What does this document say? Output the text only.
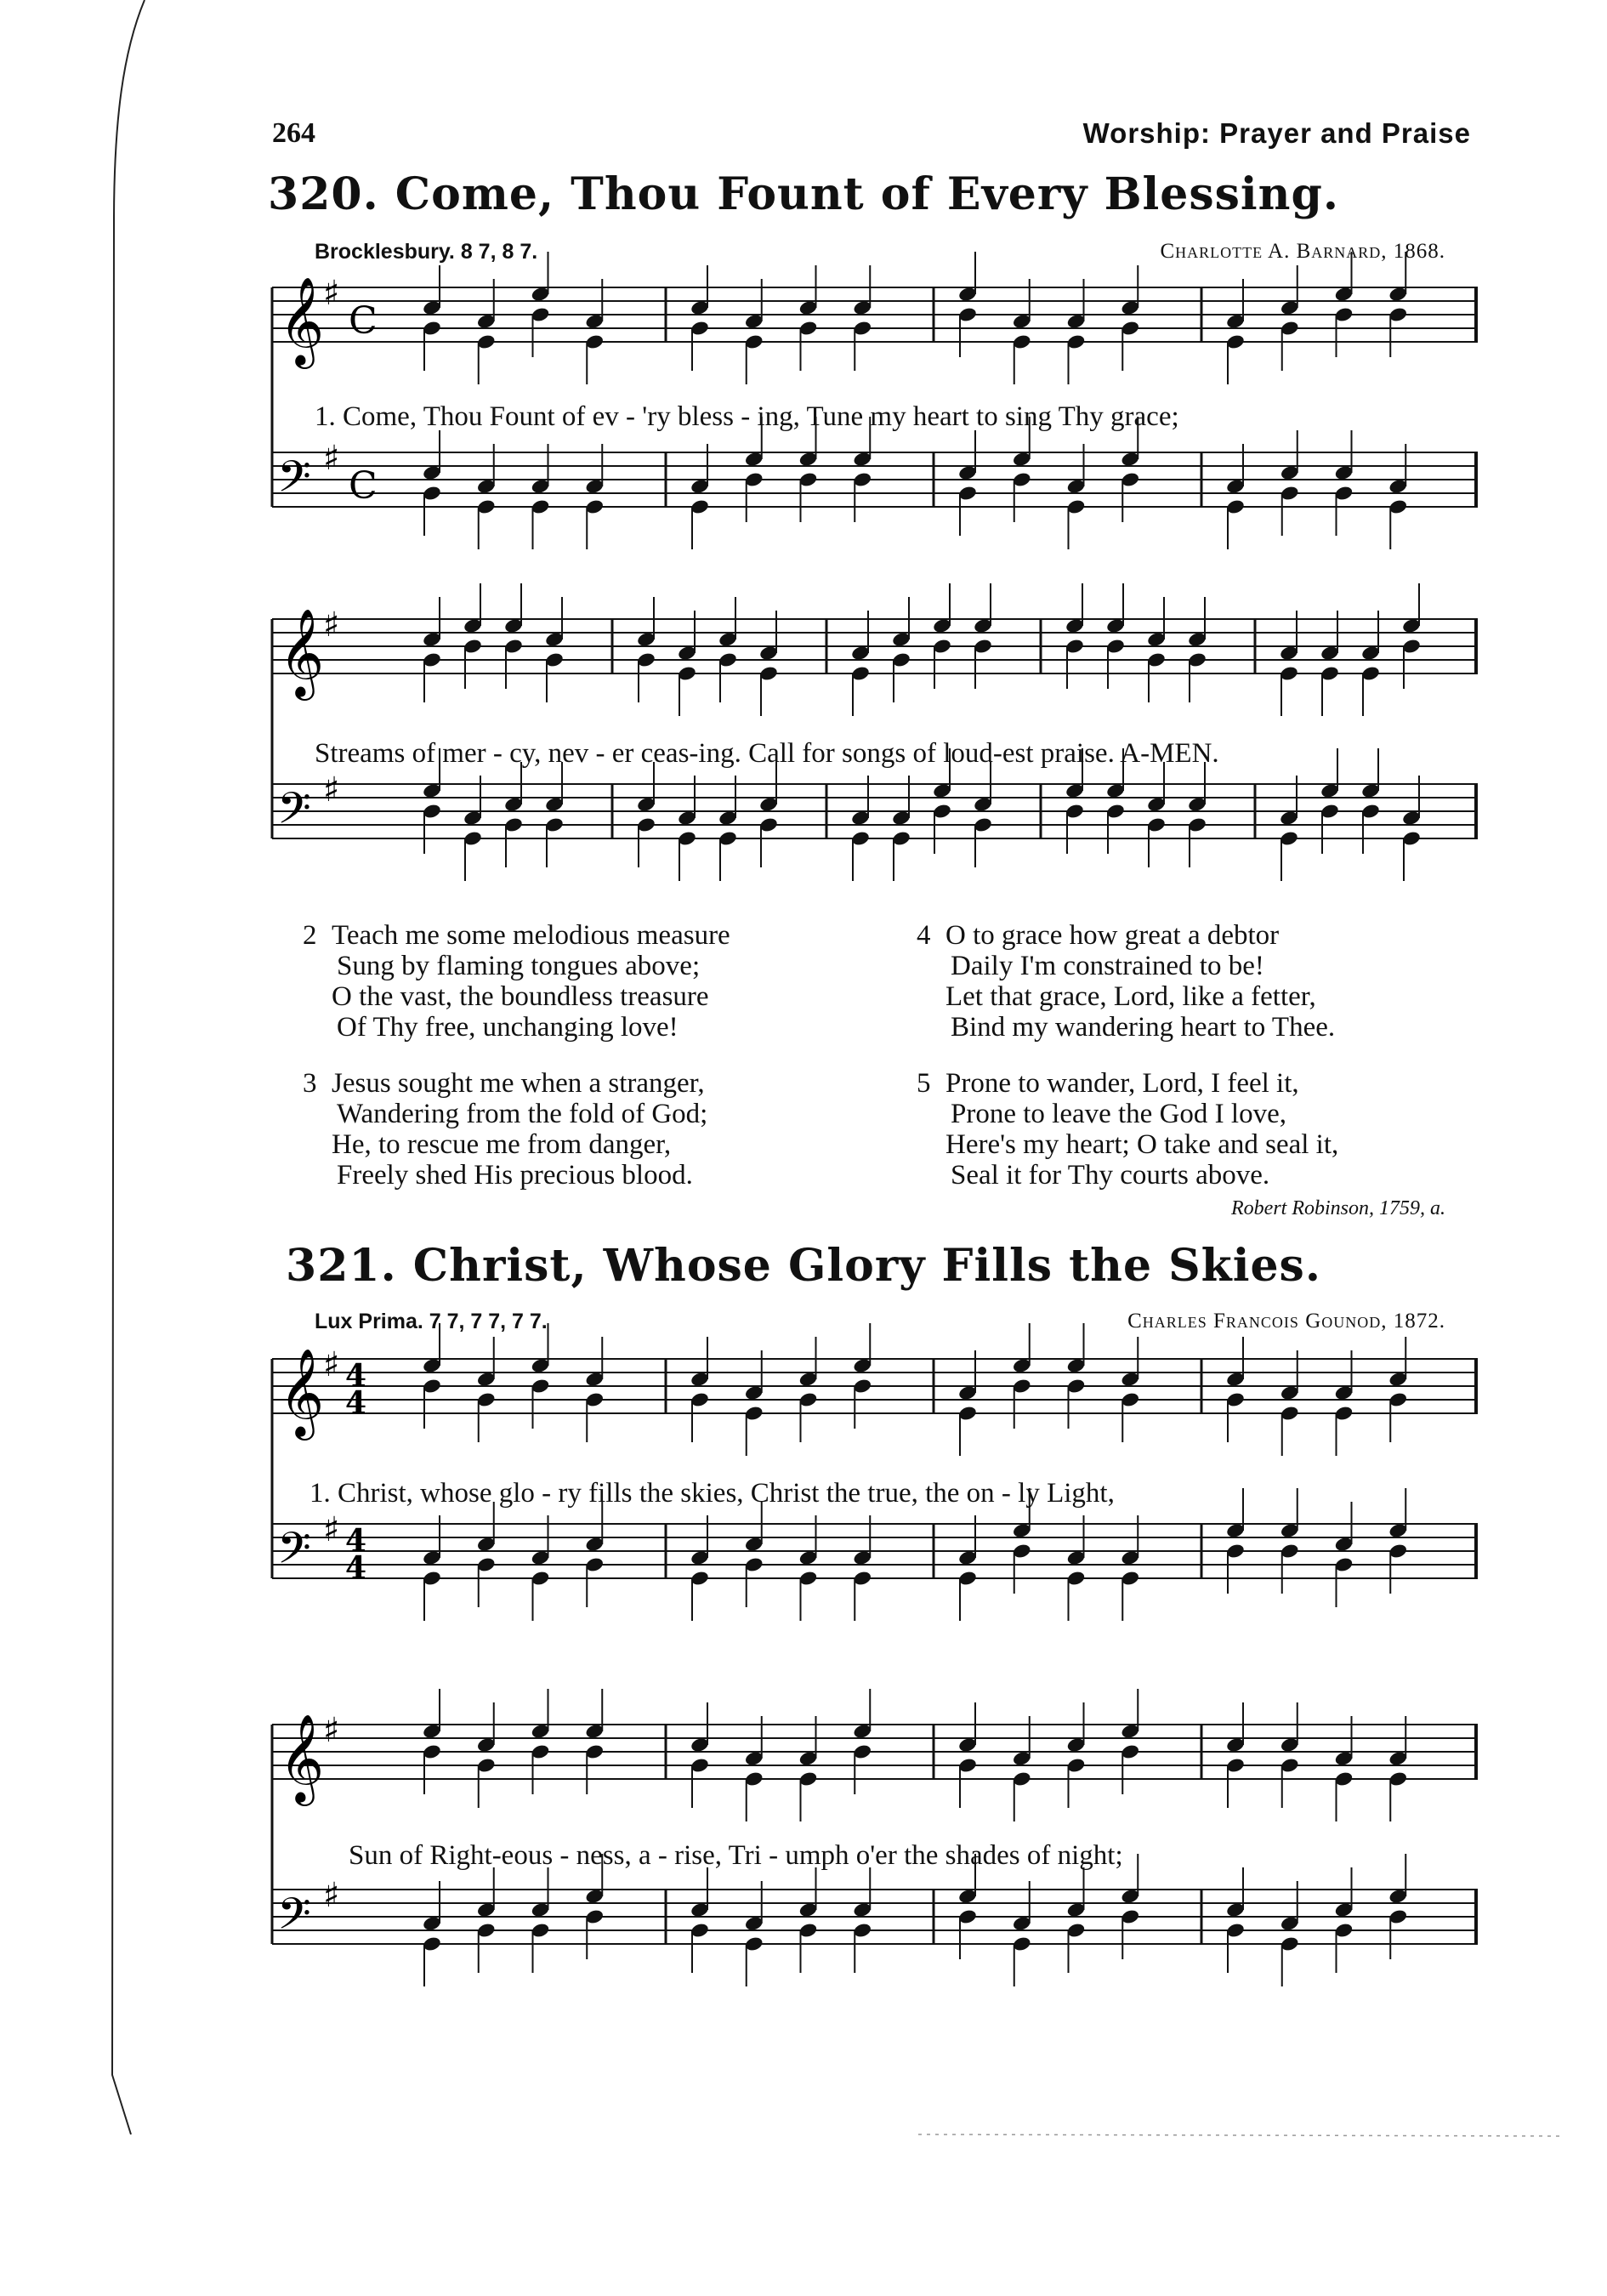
264	Worship: Prayer and Praise
320. Come, Thou Fount of Every Blessing.
Brocklesbury. 8 7, 8 7.	Charlotte A. Barnard, 1868.
𝄞
𝄢
♯
C
♯
C
1. Come, Thou Fount of ev - 'ry bless - ing, Tune my heart to sing Thy grace;
𝄞
𝄢
♯
♯
Streams of mer - cy, nev - er ceas-ing. Call for songs of loud-est praise. A-MEN.
2 Teach me some melodious measure
Sung by flaming tongues above;
O the vast, the boundless treasure
Of Thy free, unchanging love!
3 Jesus sought me when a stranger,
Wandering from the fold of God;
He, to rescue me from danger,
Freely shed His precious blood.
4 O to grace how great a debtor
Daily I'm constrained to be!
Let that grace, Lord, like a fetter,
Bind my wandering heart to Thee.
5 Prone to wander, Lord, I feel it,
Prone to leave the God I love,
Here's my heart; O take and seal it,
Seal it for Thy courts above.
Robert Robinson, 1759, a.
321. Christ, Whose Glory Fills the Skies.
Lux Prima. 7 7, 7 7, 7 7.	Charles Francois Gounod, 1872.
𝄞
𝄢
♯ 4
4
♯ 4
4
1. Christ, whose glo - ry fills the skies, Christ the true, the on - ly Light,
𝄞
𝄢
♯
♯
Sun of Right-eous - ness, a - rise, Tri - umph o'er the shades of night;
